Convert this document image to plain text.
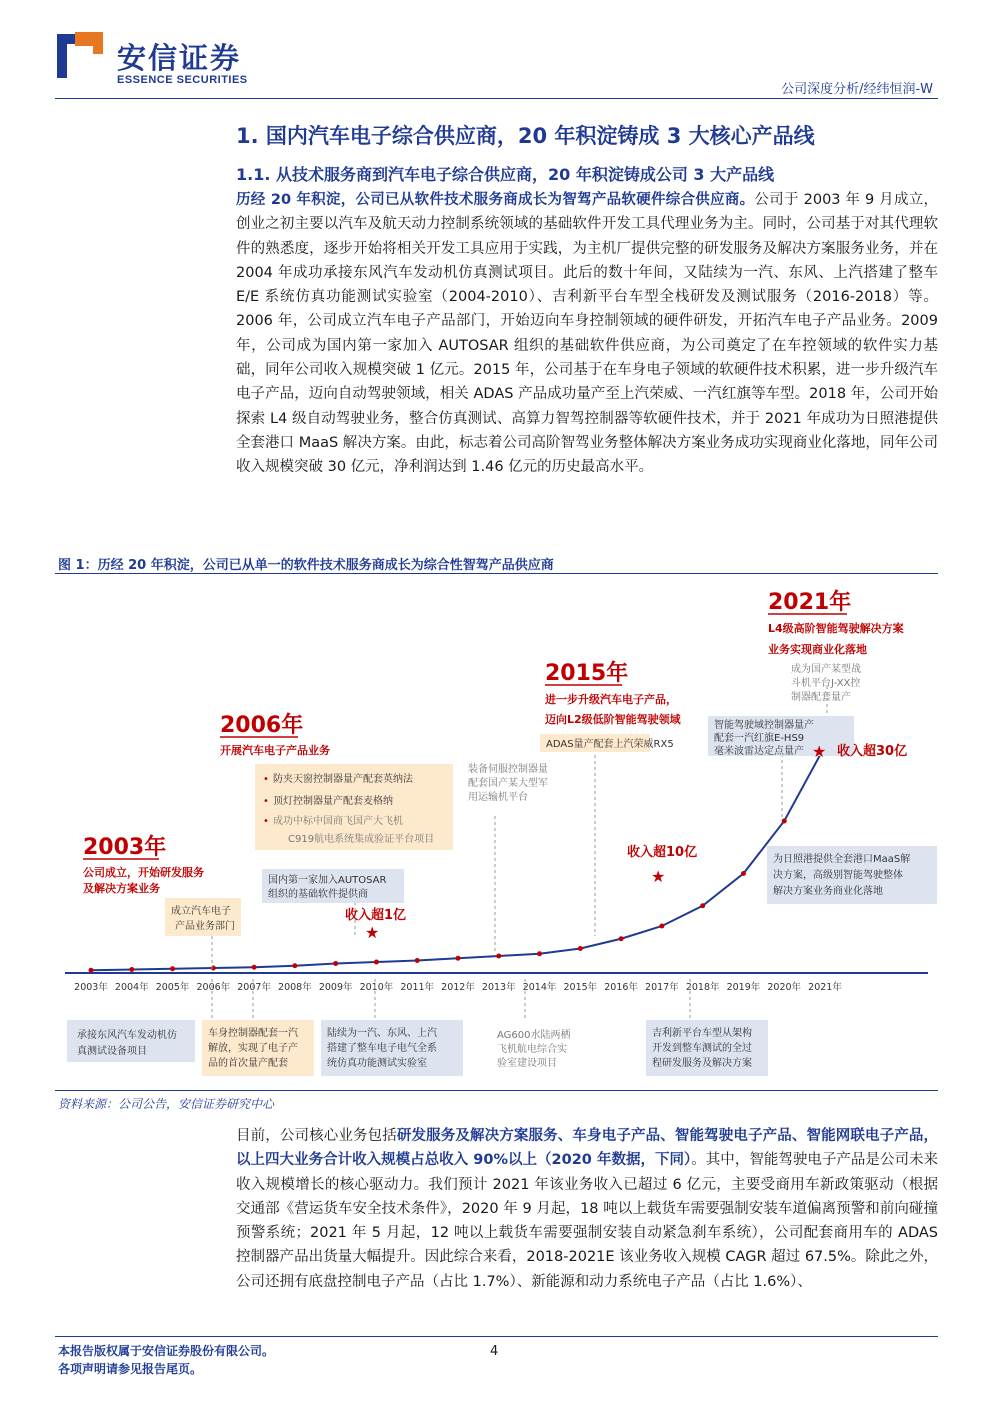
安信证券
ESSENCE SECURITIES
公司深度分析/经纬恒润-W
1. 国内汽车电子综合供应商，20 年积淀铸成 3 大核心产品线
1.1. 从技术服务商到汽车电子综合供应商，20 年积淀铸成公司 3 大产品线
历经 20 年积淀，公司已从软件技术服务商成长为智驾产品软硬件综合供应商。公司于 2003 年 9 月成立，创业之初主要以汽车及航天动力控制系统领域的基础软件开发工具代理业务为主。同时，公司基于对其代理软件的熟悉度，逐步开始将相关开发工具应用于实践，为主机厂提供完整的研发服务及解决方案服务业务，并在 2004 年成功承接东风汽车发动机仿真测试项目。此后的数十年间，又陆续为一汽、东风、上汽搭建了整车 E/E 系统仿真功能测试实验室（2004-2010）、吉利新平台车型全栈研发及测试服务（2016-2018）等。2006 年，公司成立汽车电子产品部门，开始迈向车身控制领域的硬件研发，开拓汽车电子产品业务。2009 年，公司成为国内第一家加入 AUTOSAR 组织的基础软件供应商，为公司奠定了在车控领域的软件实力基础，同年公司收入规模突破 1 亿元。2015 年，公司基于在车身电子领域的软硬件技术积累，进一步升级汽车电子产品，迈向自动驾驶领域，相关 ADAS 产品成功量产至上汽荣威、一汽红旗等车型。2018 年，公司开始探索 L4 级自动驾驶业务，整合仿真测试、高算力智驾控制器等软硬件技术，并于 2021 年成功为日照港提供全套港口 MaaS 解决方案。由此，标志着公司高阶智驾业务整体解决方案业务成功实现商业化落地，同年公司收入规模突破 30 亿元，净利润达到 1.46 亿元的历史最高水平。
图 1：历经 20 年积淀，公司已从单一的软件技术服务商成长为综合性智驾产品供应商
2003年 2004年 2005年 2006年 2007年 2008年 2009年 2010年 2011年 2012年 2013年 2014年 2015年 2016年 2017年 2018年 2019年 2020年 2021年
2003年
公司成立，开始研发服务
及解决方案业务
2006年
开展汽车电子产品业务
2015年
进一步升级汽车电子产品，
迈向L2级低阶智能驾驶领域
2021年
L4级高阶智能驾驶解决方案
业务实现商业化落地
• 防夹天窗控制器量产配套英纳法
• 顶灯控制器量产配套麦格纳
• 成功中标中国商飞国产大飞机
C919航电系统集成验证平台项目
成立汽车电子
产品业务部门
国内第一家加入AUTOSAR
组织的基础软件提供商
装备伺服控制器量
配套国产某大型军
用运输机平台
ADAS量产配套上汽荣威RX5
智能驾驶域控制器量产
配套一汽红旗E-HS9
毫米波雷达定点量产
成为国产某型战
斗机平台J-XX控
制器配套量产
为日照港提供全套港口MaaS解
决方案，高级别智能驾驶整体
解决方案业务商业化落地
收入超1亿
★
收入超10亿
★
★ 收入超30亿
承接东风汽车发动机仿
真测试设备项目
车身控制器配套一汽
解放，实现了电子产
品的首次量产配套
陆续为一汽、东风、上汽
搭建了整车电子电气全系
统仿真功能测试实验室
AG600水陆两栖
飞机航电综合实
验室建设项目
吉利新平台车型从架构
开发到整车测试的全过
程研发服务及解决方案
资料来源：公司公告，安信证券研究中心
目前，公司核心业务包括研发服务及解决方案服务、车身电子产品、智能驾驶电子产品、智能网联电子产品，以上四大业务合计收入规模占总收入 90%以上（2020 年数据，下同）。其中，智能驾驶电子产品是公司未来收入规模增长的核心驱动力。我们预计 2021 年该业务收入已超过 6 亿元，主要受商用车新政策驱动（根据交通部《营运货车安全技术条件》，2020 年 9 月起，18 吨以上载货车需要强制安装车道偏离预警和前向碰撞预警系统；2021 年 5 月起，12 吨以上载货车需要强制安装自动紧急刹车系统），公司配套商用车的 ADAS 控制器产品出货量大幅提升。因此综合来看，2018-2021E 该业务收入规模 CAGR 超过 67.5%。除此之外，公司还拥有底盘控制电子产品（占比 1.7%）、新能源和动力系统电子产品（占比 1.6%）、
本报告版权属于安信证券股份有限公司。
各项声明请参见报告尾页。
4
